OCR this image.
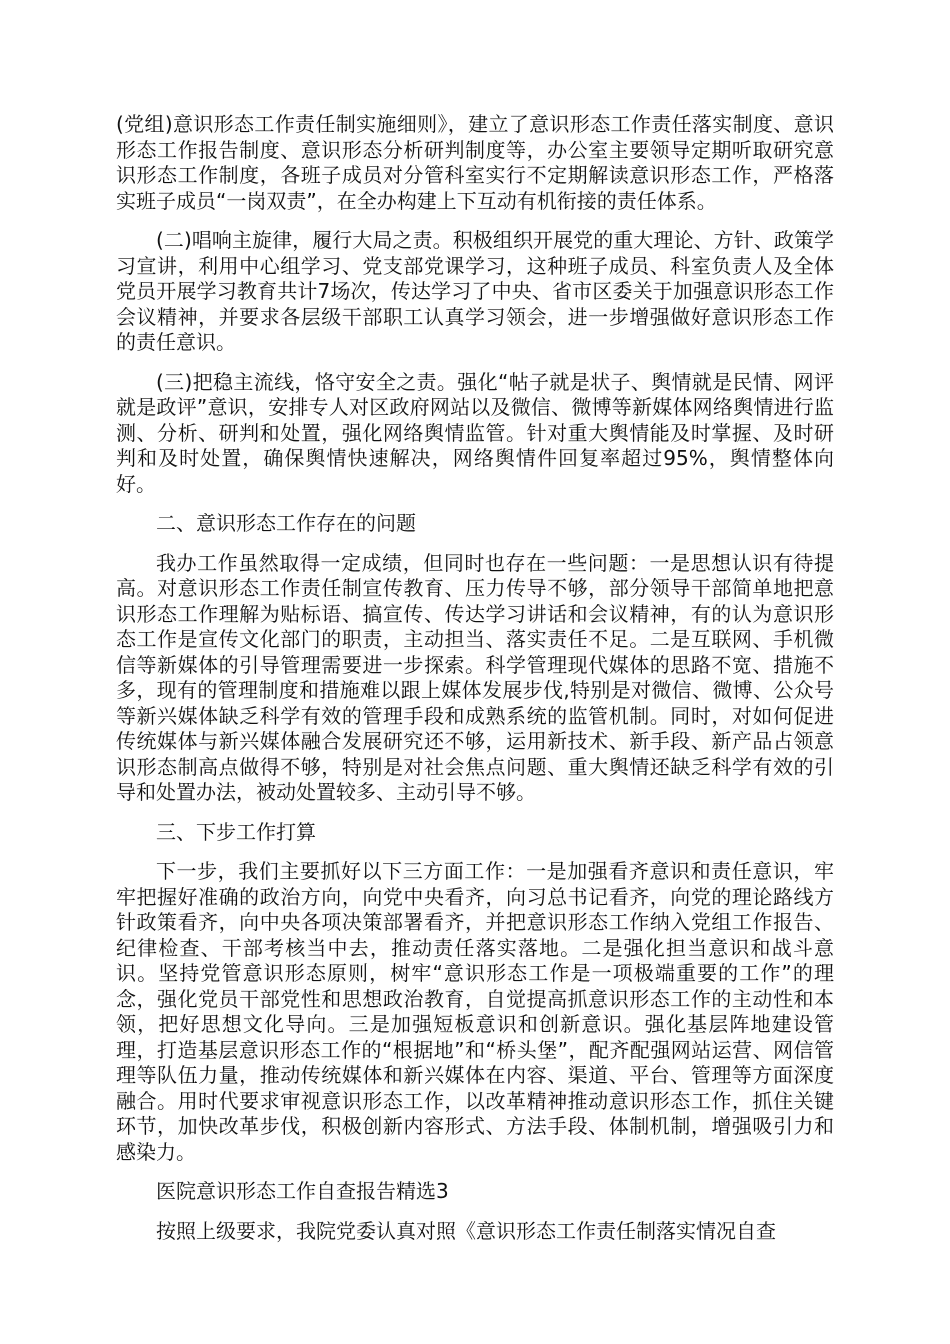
(党组)意识形态工作责任制实施细则》，建立了意识形态工作责任落实制度、意识形态工作报告制度、意识形态分析研判制度等，办公室主要领导定期听取研究意识形态工作制度，各班子成员对分管科室实行不定期解读意识形态工作，严格落实班子成员“一岗双责”，在全办构建上下互动有机衔接的责任体系。

(二)唱响主旋律，履行大局之责。积极组织开展党的重大理论、方针、政策学习宣讲，利用中心组学习、党支部党课学习，这种班子成员、科室负责人及全体党员开展学习教育共计7场次，传达学习了中央、省市区委关于加强意识形态工作会议精神，并要求各层级干部职工认真学习领会，进一步增强做好意识形态工作的责任意识。

(三)把稳主流线，恪守安全之责。强化“帖子就是状子、舆情就是民情、网评就是政评”意识，安排专人对区政府网站以及微信、微博等新媒体网络舆情进行监测、分析、研判和处置，强化网络舆情监管。针对重大舆情能及时掌握、及时研判和及时处置，确保舆情快速解决，网络舆情件回复率超过95%，舆情整体向好。

二、意识形态工作存在的问题

我办工作虽然取得一定成绩，但同时也存在一些问题：一是思想认识有待提高。对意识形态工作责任制宣传教育、压力传导不够，部分领导干部简单地把意识形态工作理解为贴标语、搞宣传、传达学习讲话和会议精神，有的认为意识形态工作是宣传文化部门的职责，主动担当、落实责任不足。二是互联网、手机微信等新媒体的引导管理需要进一步探索。科学管理现代媒体的思路不宽、措施不多，现有的管理制度和措施难以跟上媒体发展步伐,特别是对微信、微博、公众号等新兴媒体缺乏科学有效的管理手段和成熟系统的监管机制。同时，对如何促进传统媒体与新兴媒体融合发展研究还不够，运用新技术、新手段、新产品占领意识形态制高点做得不够，特别是对社会焦点问题、重大舆情还缺乏科学有效的引导和处置办法，被动处置较多、主动引导不够。

三、下步工作打算

下一步，我们主要抓好以下三方面工作：一是加强看齐意识和责任意识，牢牢把握好准确的政治方向，向党中央看齐，向习总书记看齐，向党的理论路线方针政策看齐，向中央各项决策部署看齐，并把意识形态工作纳入党组工作报告、纪律检查、干部考核当中去，推动责任落实落地。二是强化担当意识和战斗意识。坚持党管意识形态原则，树牢“意识形态工作是一项极端重要的工作”的理念，强化党员干部党性和思想政治教育，自觉提高抓意识形态工作的主动性和本领，把好思想文化导向。三是加强短板意识和创新意识。强化基层阵地建设管理，打造基层意识形态工作的“根据地”和“桥头堡”，配齐配强网站运营、网信管理等队伍力量，推动传统媒体和新兴媒体在内容、渠道、平台、管理等方面深度融合。用时代要求审视意识形态工作，以改革精神推动意识形态工作，抓住关键环节，加快改革步伐，积极创新内容形式、方法手段、体制机制，增强吸引力和感染力。

医院意识形态工作自查报告精选3

按照上级要求，我院党委认真对照《意识形态工作责任制落实情况自查
